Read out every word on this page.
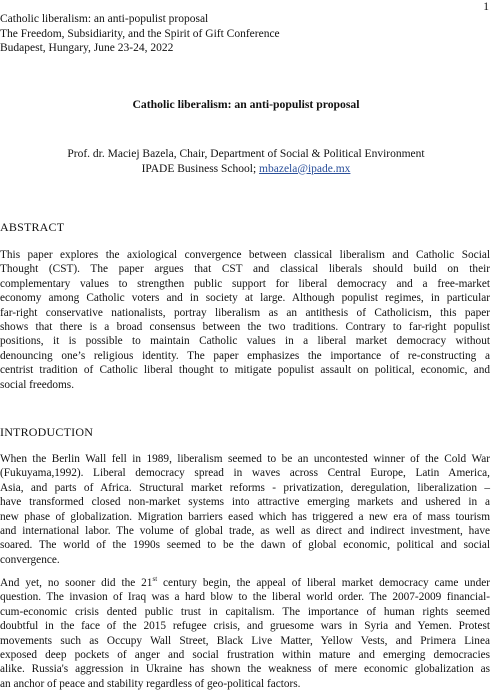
1
Catholic liberalism: an anti-populist proposal
The Freedom, Subsidiarity, and the Spirit of Gift Conference
Budapest, Hungary, June 23-24, 2022
Catholic liberalism: an anti-populist proposal
Prof. dr. Maciej Bazela, Chair, Department of Social & Political Environment
IPADE Business School; mbazela@ipade.mx
ABSTRACT
This paper explores the axiological convergence between classical liberalism and Catholic Social
Thought (CST). The paper argues that CST and classical liberals should build on their
complementary values to strengthen public support for liberal democracy and a free-market
economy among Catholic voters and in society at large. Although populist regimes, in particular
far-right conservative nationalists, portray liberalism as an antithesis of Catholicism, this paper
shows that there is a broad consensus between the two traditions. Contrary to far-right populist
positions, it is possible to maintain Catholic values in a liberal market democracy without
denouncing one’s religious identity. The paper emphasizes the importance of re-constructing a
centrist tradition of Catholic liberal thought to mitigate populist assault on political, economic, and
social freedoms.
INTRODUCTION
When the Berlin Wall fell in 1989, liberalism seemed to be an uncontested winner of the Cold War
(Fukuyama,1992). Liberal democracy spread in waves across Central Europe, Latin America,
Asia, and parts of Africa. Structural market reforms - privatization, deregulation, liberalization –
have transformed closed non-market systems into attractive emerging markets and ushered in a
new phase of globalization. Migration barriers eased which has triggered a new era of mass tourism
and international labor. The volume of global trade, as well as direct and indirect investment, have
soared. The world of the 1990s seemed to be the dawn of global economic, political and social
convergence.
And yet, no sooner did the 21st century begin, the appeal of liberal market democracy came under
question. The invasion of Iraq was a hard blow to the liberal world order. The 2007-2009 financial-
cum-economic crisis dented public trust in capitalism. The importance of human rights seemed
doubtful in the face of the 2015 refugee crisis, and gruesome wars in Syria and Yemen. Protest
movements such as Occupy Wall Street, Black Live Matter, Yellow Vests, and Primera Linea
exposed deep pockets of anger and social frustration within mature and emerging democracies
alike. Russia's aggression in Ukraine has shown the weakness of mere economic globalization as
an anchor of peace and stability regardless of geo-political factors.
